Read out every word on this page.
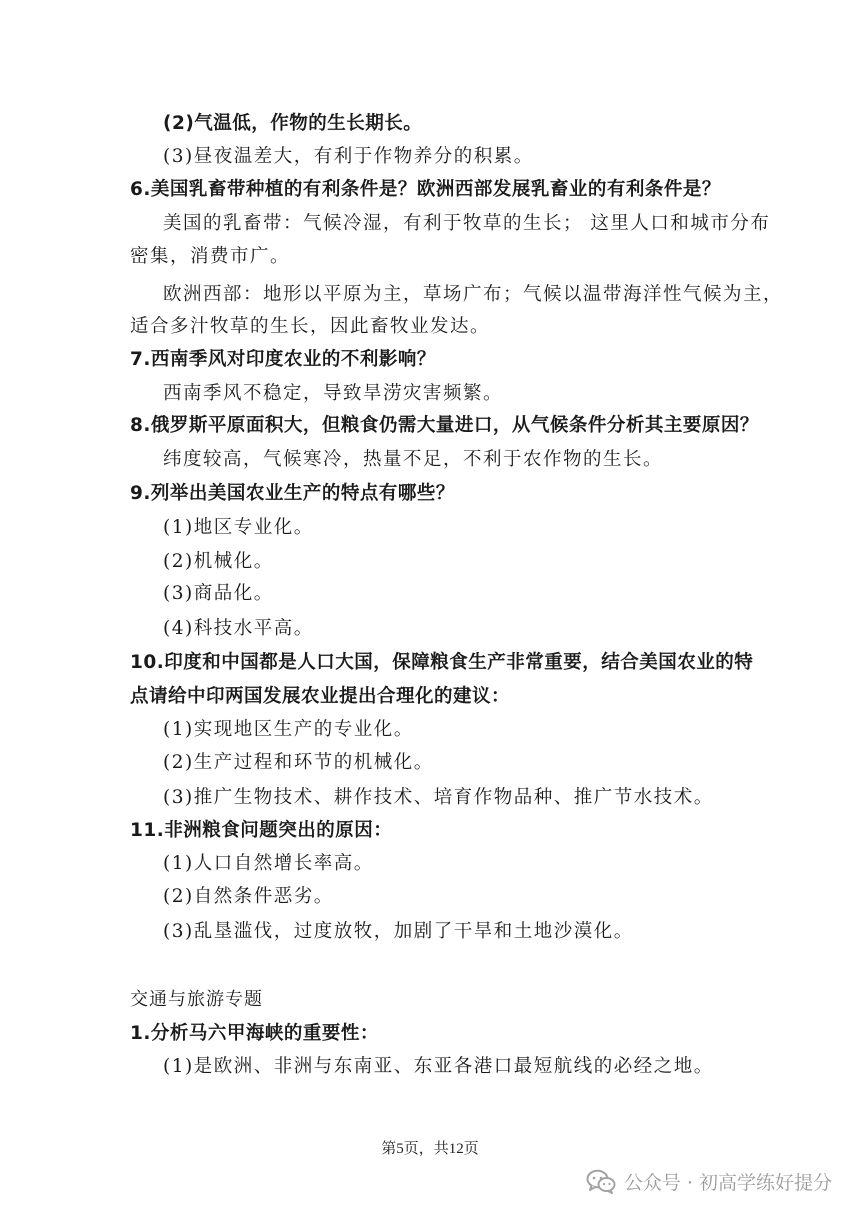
(2)气温低，作物的生长期长。
(3)昼夜温差大，有利于作物养分的积累。
6.美国乳畜带种植的有利条件是？欧洲西部发展乳畜业的有利条件是？
美国的乳畜带：气候冷湿，有利于牧草的生长； 这里人口和城市分布
密集，消费市广。
欧洲西部：地形以平原为主，草场广布；气候以温带海洋性气候为主，
适合多汁牧草的生长，因此畜牧业发达。
7.西南季风对印度农业的不利影响？
西南季风不稳定，导致旱涝灾害频繁。
8.俄罗斯平原面积大，但粮食仍需大量进口，从气候条件分析其主要原因？
纬度较高，气候寒冷，热量不足，不利于农作物的生长。
9.列举出美国农业生产的特点有哪些？
(1)地区专业化。
(2)机械化。
(3)商品化。
(4)科技水平高。
10.印度和中国都是人口大国，保障粮食生产非常重要，结合美国农业的特
点请给中印两国发展农业提出合理化的建议：
(1)实现地区生产的专业化。
(2)生产过程和环节的机械化。
(3)推广生物技术、耕作技术、培育作物品种、推广节水技术。
11.非洲粮食问题突出的原因：
(1)人口自然增长率高。
(2)自然条件恶劣。
(3)乱垦滥伐，过度放牧，加剧了干旱和土地沙漠化。
交通与旅游专题
1.分析马六甲海峡的重要性：
(1)是欧洲、非洲与东南亚、东亚各港口最短航线的必经之地。
第5页，共12页
公众号 · 初高学练好提分
